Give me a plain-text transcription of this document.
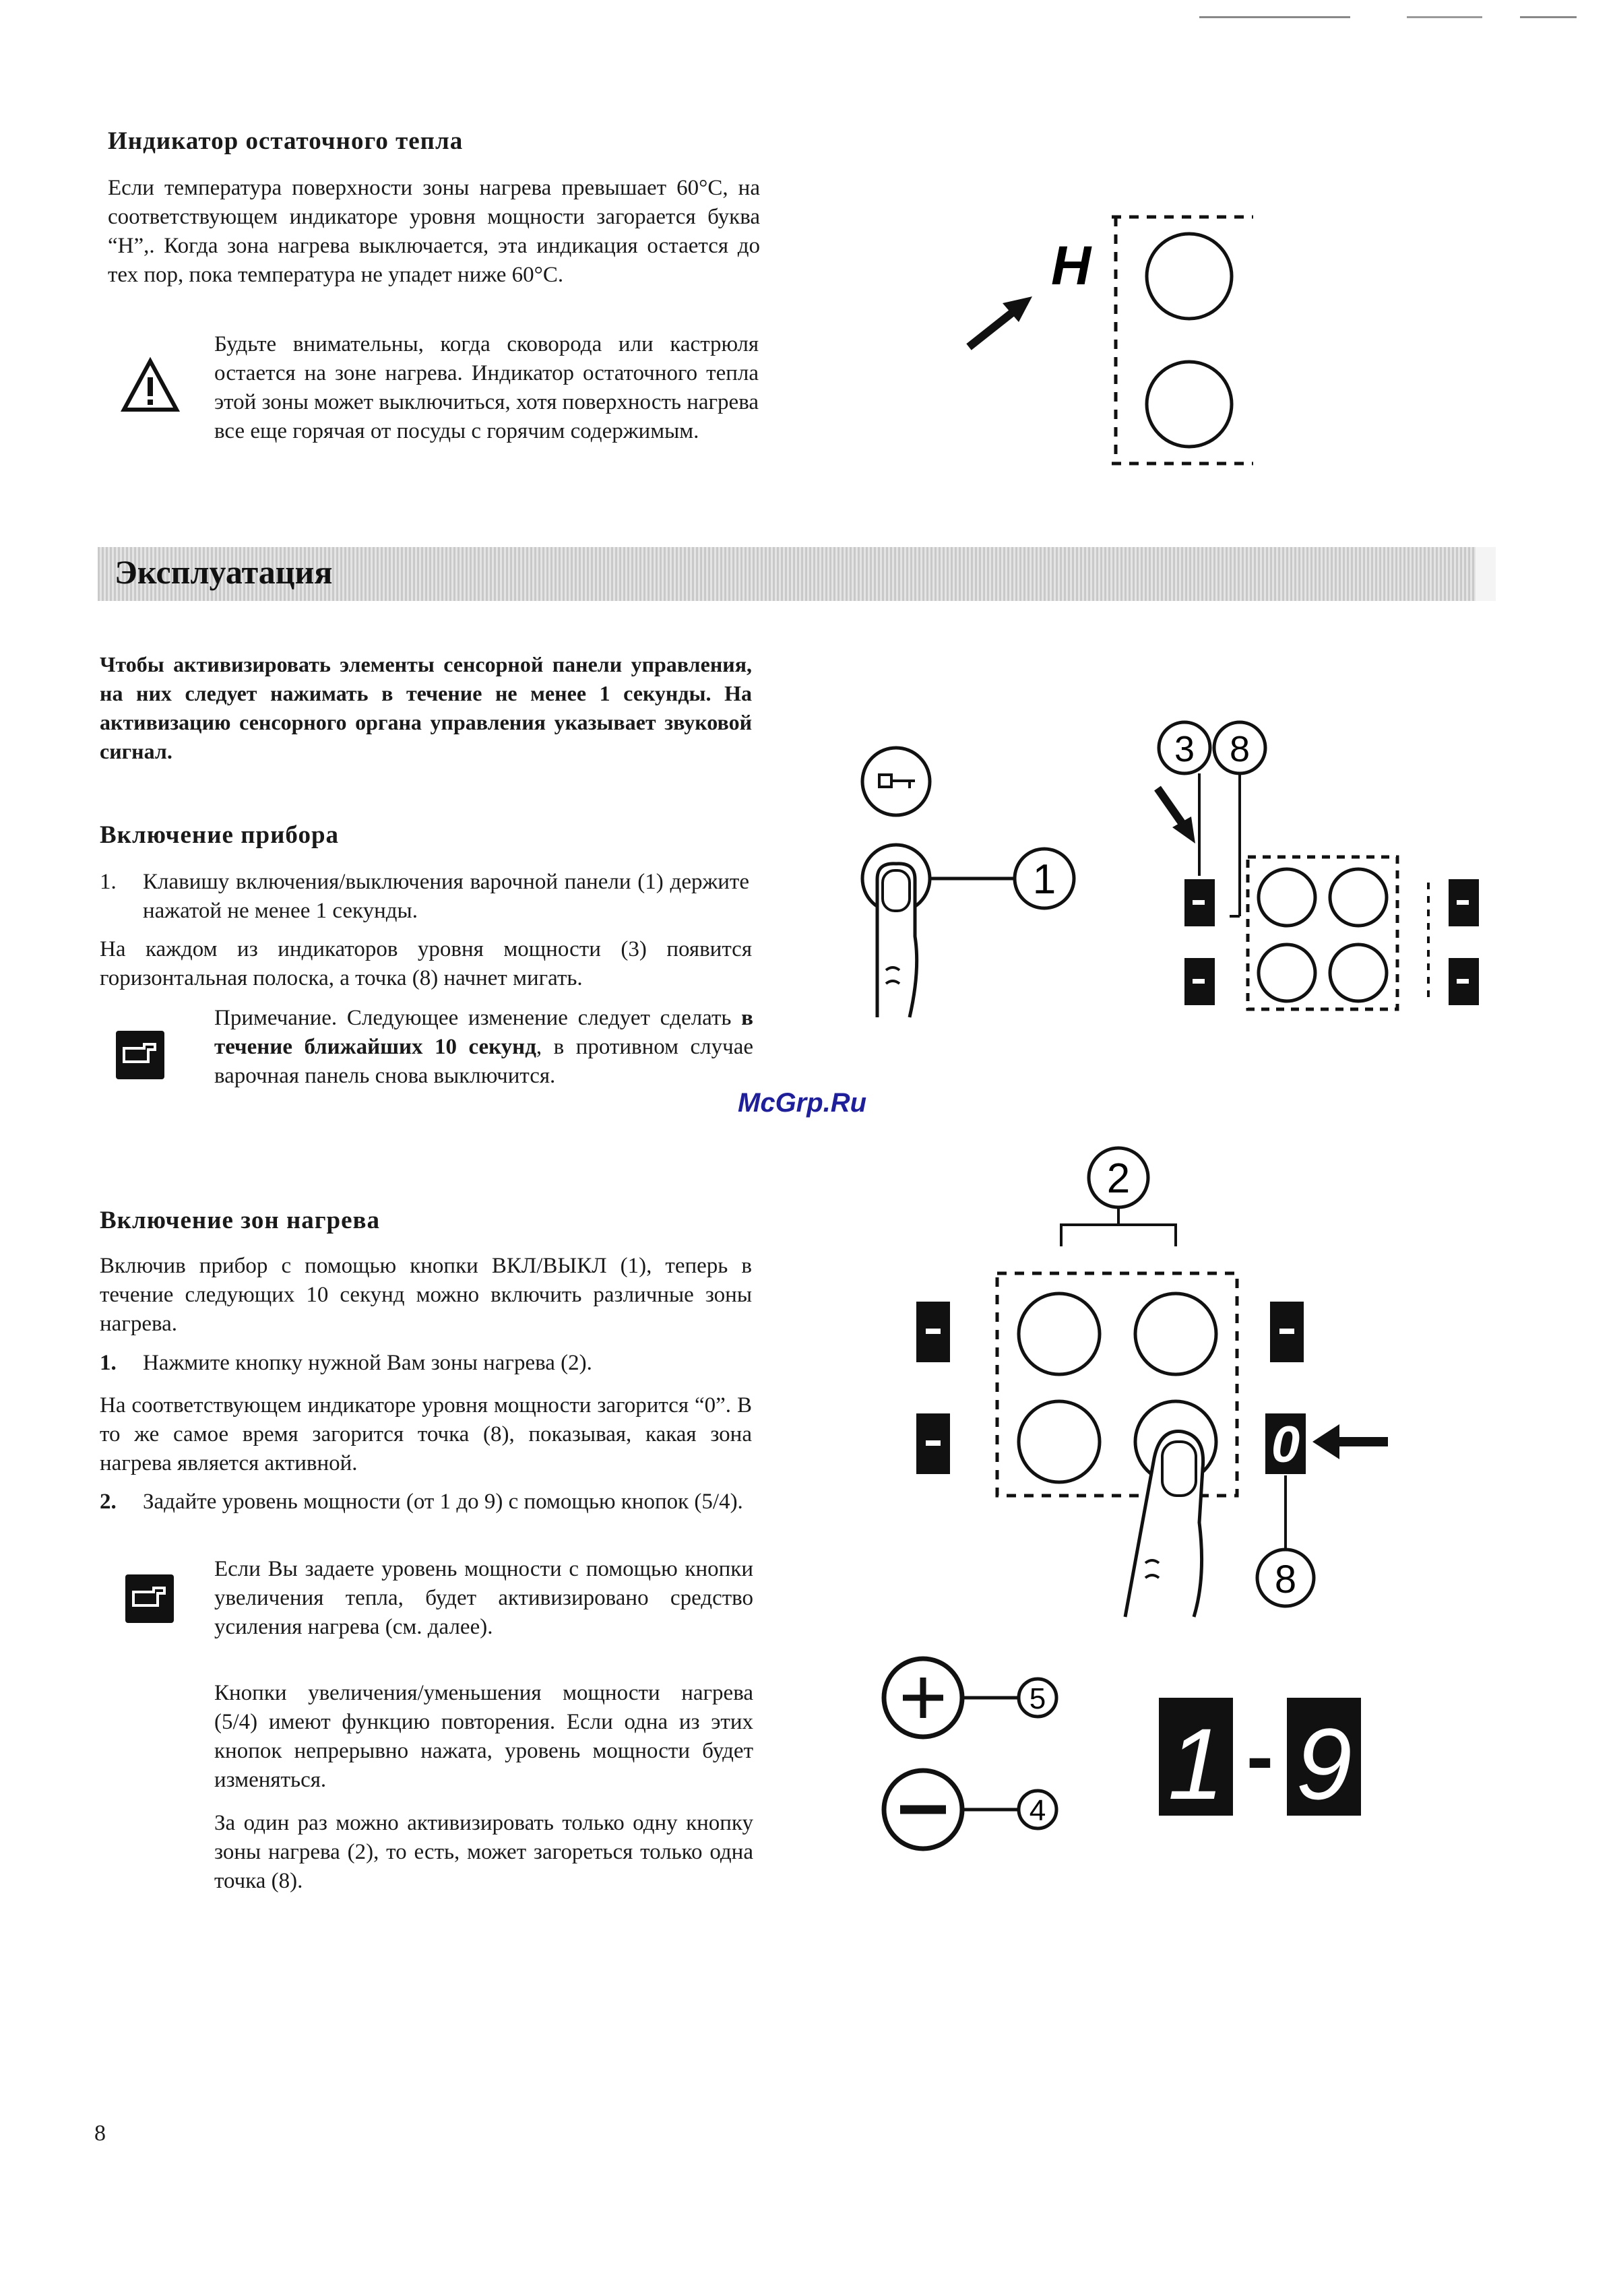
Индикатор остаточного тепла

Если температура поверхности зоны нагрева превышает 60°C, на соответствующем индикаторе уровня мощности загорается буква “H”,. Когда зона нагрева выключается, эта индикация остается до тех пор, пока температура не упадет ниже 60°C.

Будьте внимательны, когда сковорода или кастрюля остается на зоне нагрева. Индикатор остаточного тепла этой зоны может выключиться, хотя поверхность нагрева все еще горячая от посуды с горячим содержимым.

H
Эксплуатация

Чтобы активизировать элементы сенсорной панели управления, на них следует нажимать в течение не менее 1 секунды. На активизацию сенсорного органа управления указывает звуковой сигнал.

Включение прибора
1. Клавишу включения/выключения варочной панели (1) держите нажатой не менее 1 секунды.

На каждом из индикаторов уровня мощности (3) появится горизонтальная полоска, а точка (8) начнет мигать.

Примечание. Следующее изменение следует сделать в течение ближайших 10 секунд, в противном случае варочная панель снова выключится.

1
3 8
McGrp.Ru
Включение зон нагрева

Включив прибор с помощью кнопки ВКЛ/ВЫКЛ (1), теперь в течение следующих 10 секунд можно включить различные зоны нагрева.

1. Нажмите кнопку нужной Вам зоны нагрева (2).

На соответствующем индикаторе уровня мощности загорится “0”. В то же самое время загорится точка (8), показывая, какая зона нагрева является активной.

2. Задайте уровень мощности (от 1 до 9) с помощью кнопок (5/4).

Если Вы задаете уровень мощности с помощью кнопки увеличения тепла, будет активизировано средство усиления нагрева (см. далее).

Кнопки увеличения/уменьшения мощности нагрева (5/4) имеют функцию повторения. Если одна из этих кнопок непрерывно нажата, уровень мощности будет изменяться.

За один раз можно активизировать только одну кнопку зоны нагрева (2), то есть, может загореться только одна точка (8).

2
0
8
5
4 1 - 9
8
